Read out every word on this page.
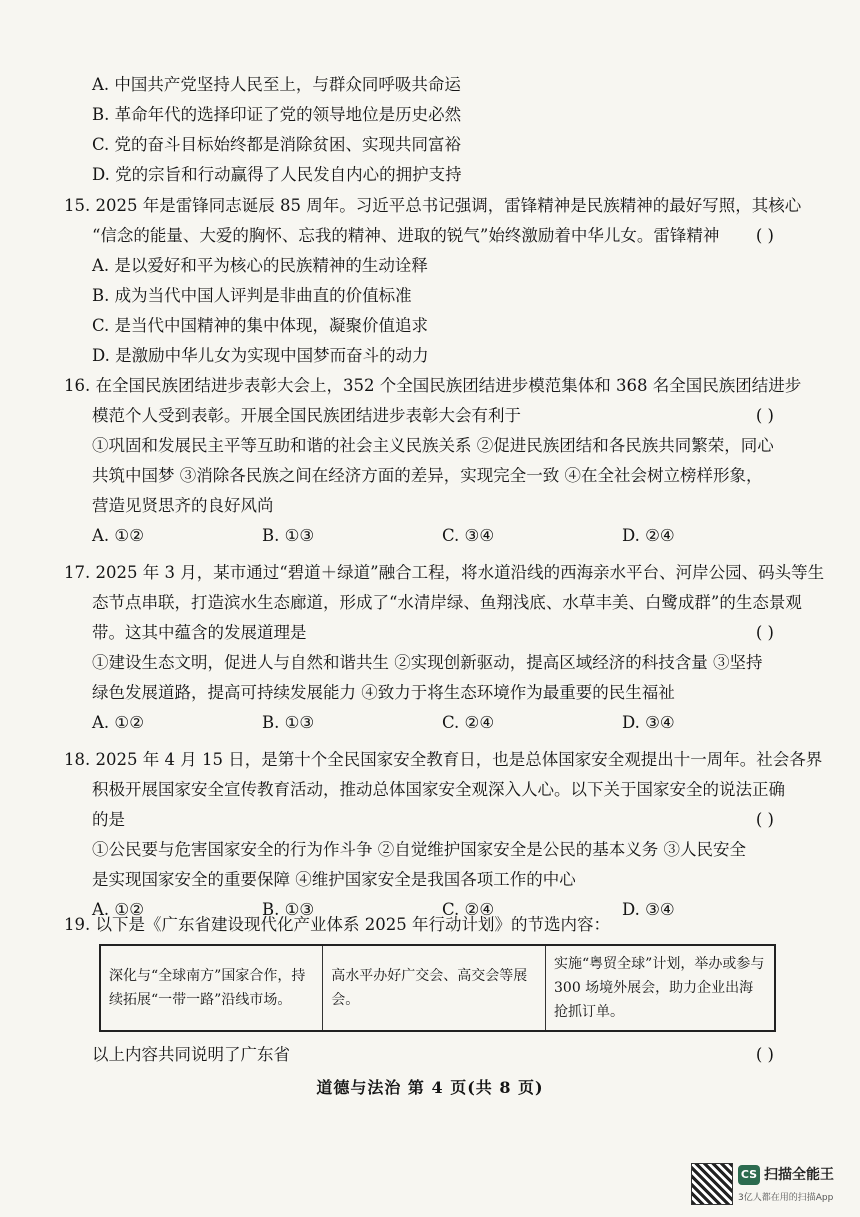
A. 中国共产党坚持人民至上，与群众同呼吸共命运
B. 革命年代的选择印证了党的领导地位是历史必然
C. 党的奋斗目标始终都是消除贫困、实现共同富裕
D. 党的宗旨和行动赢得了人民发自内心的拥护支持
15. 2025 年是雷锋同志诞辰 85 周年。习近平总书记强调，雷锋精神是民族精神的最好写照，其核心
“信念的能量、大爱的胸怀、忘我的精神、进取的锐气”始终激励着中华儿女。雷锋精神	( )
A. 是以爱好和平为核心的民族精神的生动诠释
B. 成为当代中国人评判是非曲直的价值标准
C. 是当代中国精神的集中体现，凝聚价值追求
D. 是激励中华儿女为实现中国梦而奋斗的动力
16. 在全国民族团结进步表彰大会上，352 个全国民族团结进步模范集体和 368 名全国民族团结进步
模范个人受到表彰。开展全国民族团结进步表彰大会有利于	( )
①巩固和发展民主平等互助和谐的社会主义民族关系 ②促进民族团结和各民族共同繁荣，同心
共筑中国梦 ③消除各民族之间在经济方面的差异，实现完全一致 ④在全社会树立榜样形象，
营造见贤思齐的良好风尚
A. ①②	B. ①③	C. ③④	D. ②④
17. 2025 年 3 月，某市通过“碧道＋绿道”融合工程，将水道沿线的西海亲水平台、河岸公园、码头等生
态节点串联，打造滨水生态廊道，形成了“水清岸绿、鱼翔浅底、水草丰美、白鹭成群”的生态景观
带。这其中蕴含的发展道理是	( )
①建设生态文明，促进人与自然和谐共生 ②实现创新驱动，提高区域经济的科技含量 ③坚持
绿色发展道路，提高可持续发展能力 ④致力于将生态环境作为最重要的民生福祉
A. ①②	B. ①③	C. ②④	D. ③④
18. 2025 年 4 月 15 日，是第十个全民国家安全教育日，也是总体国家安全观提出十一周年。社会各界
积极开展国家安全宣传教育活动，推动总体国家安全观深入人心。以下关于国家安全的说法正确
的是	( )
①公民要与危害国家安全的行为作斗争 ②自觉维护国家安全是公民的基本义务 ③人民安全
是实现国家安全的重要保障 ④维护国家安全是我国各项工作的中心
A. ①②	B. ①③	C. ②④	D. ③④
19. 以下是《广东省建设现代化产业体系 2025 年行动计划》的节选内容：
深化与“全球南方”国家合作，持续拓展“一带一路”沿线市场。	高水平办好广交会、高交会等展会。	实施“粤贸全球”计划，举办或参与 300 场境外展会，助力企业出海抢抓订单。
以上内容共同说明了广东省	( )
道德与法治 第 4 页(共 8 页)
CS 扫描全能王
3亿人都在用的扫描App
